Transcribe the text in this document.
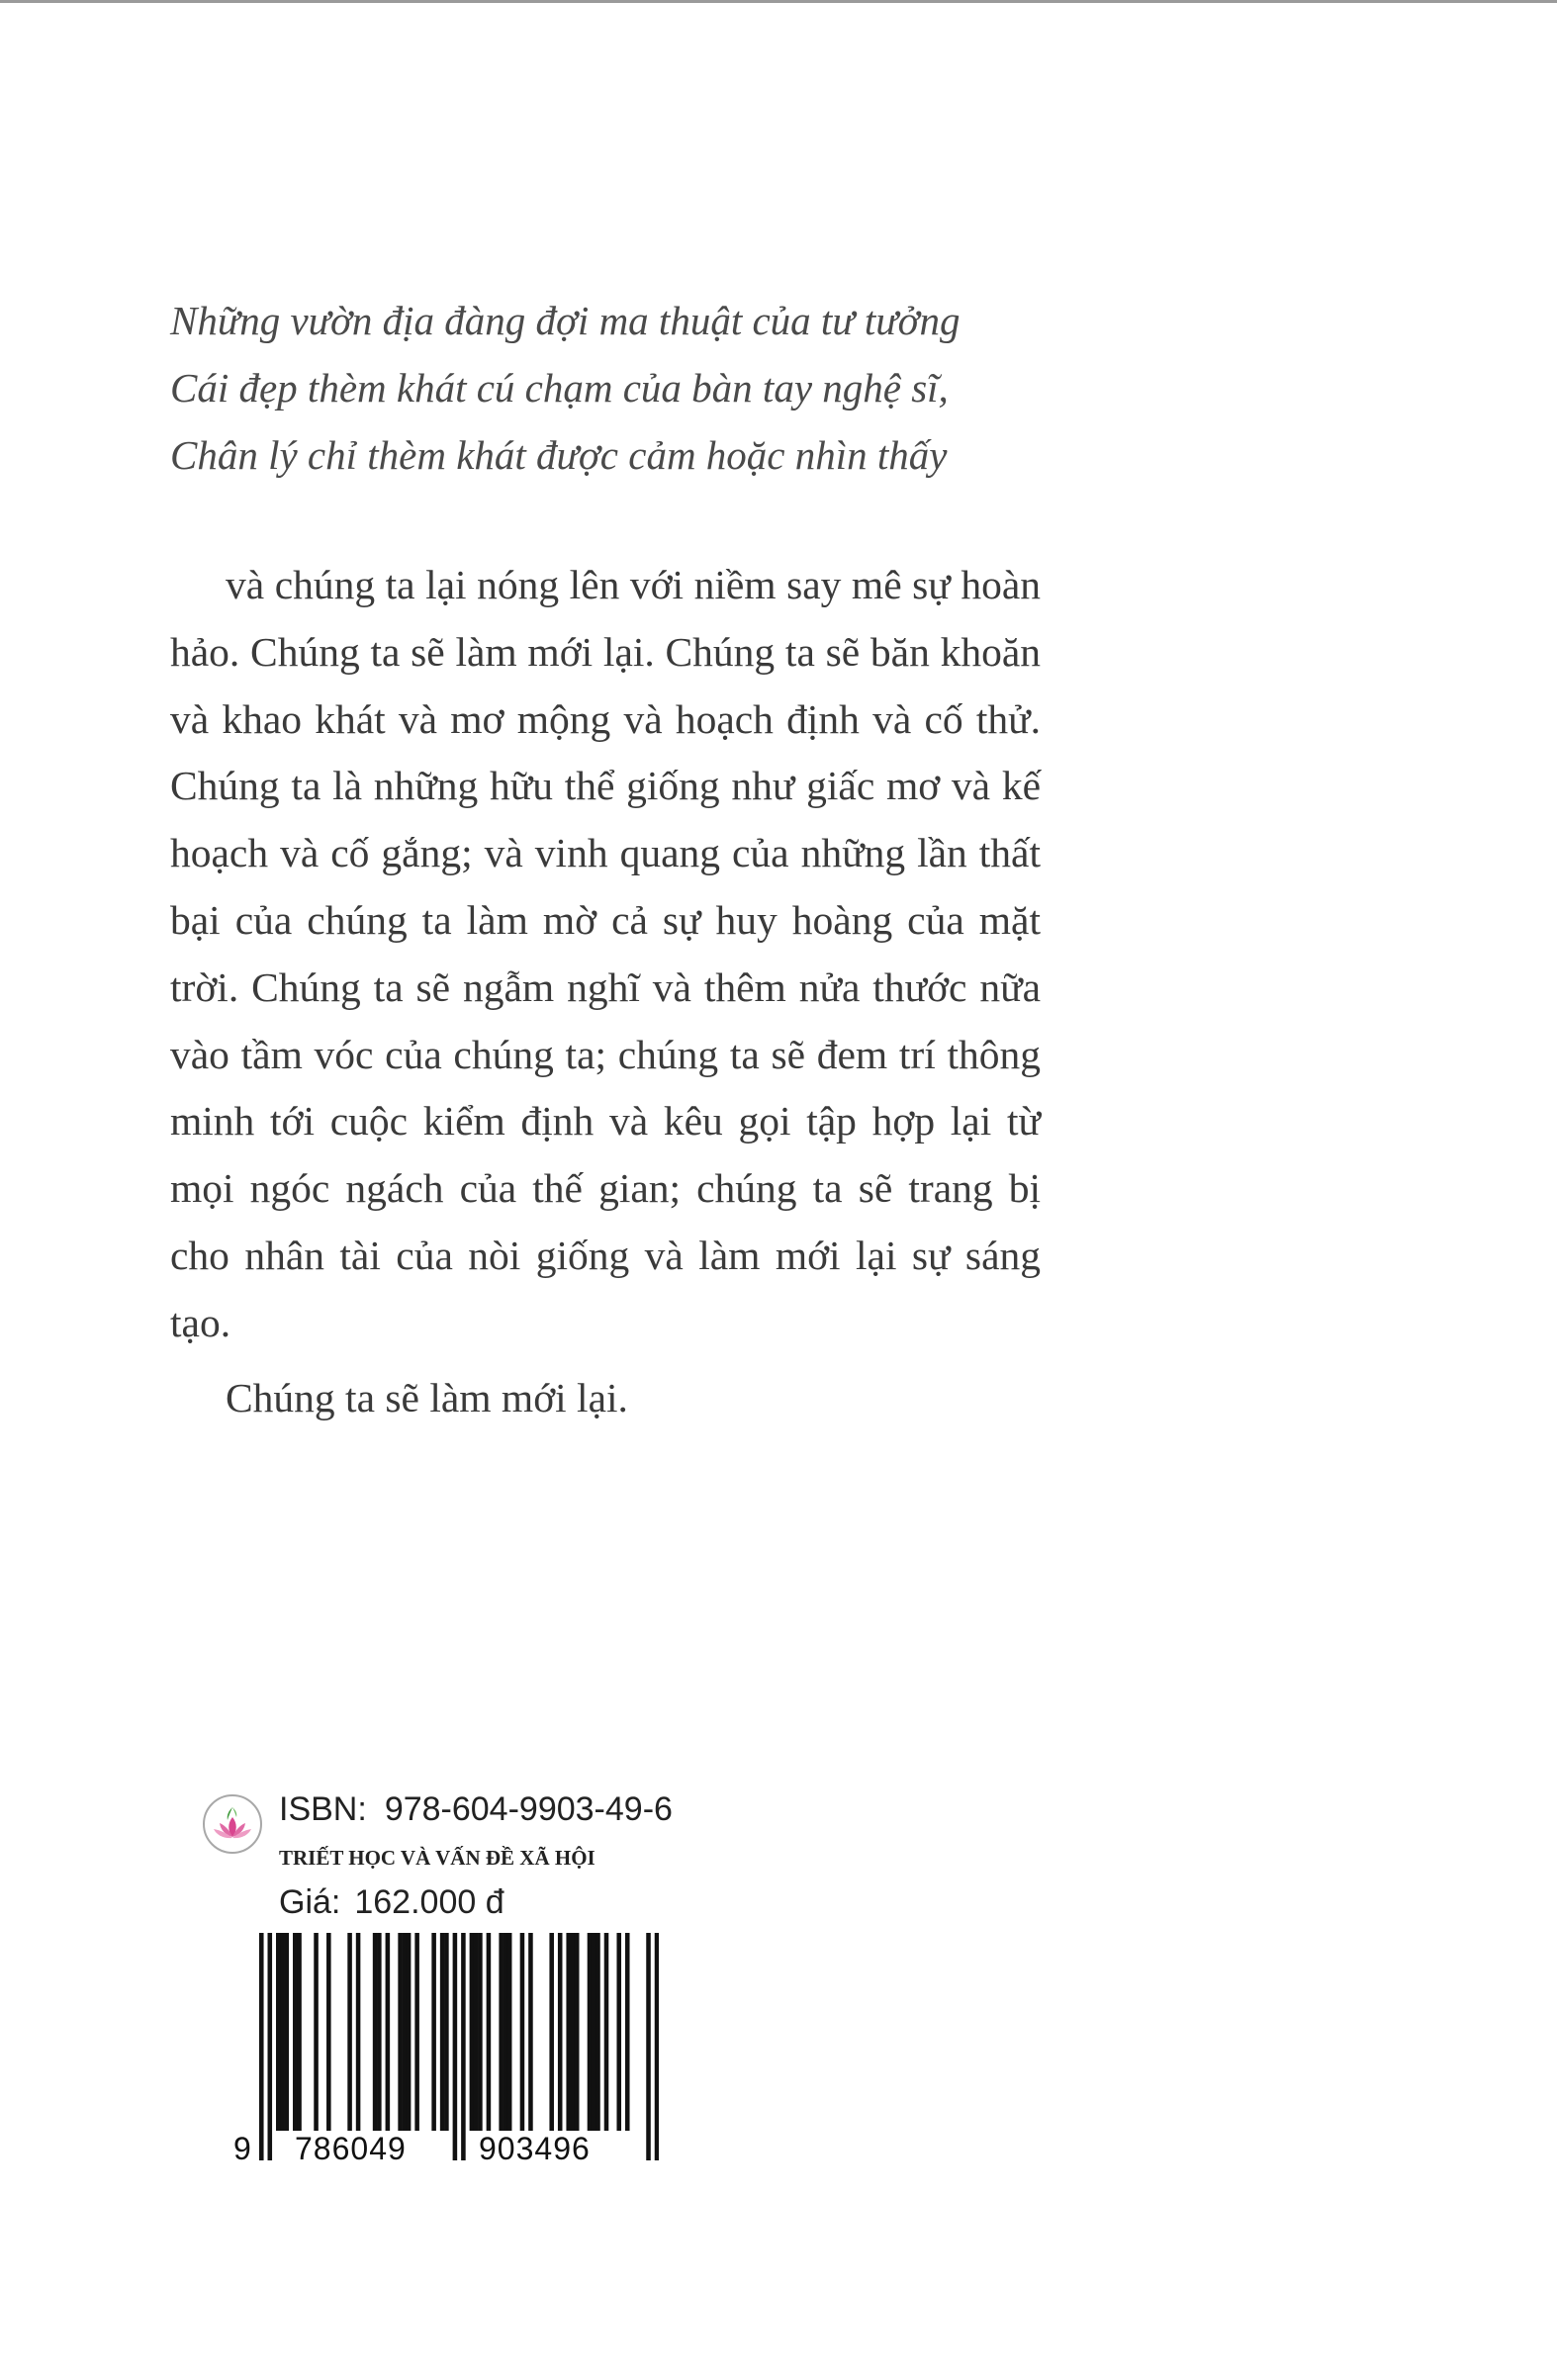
Những vườn địa đàng đợi ma thuật của tư tưởng
Cái đẹp thèm khát cú chạm của bàn tay nghệ sĩ,
Chân lý chỉ thèm khát được cảm hoặc nhìn thấy

và chúng ta lại nóng lên với niềm say mê sự hoàn hảo. Chúng ta sẽ làm mới lại. Chúng ta sẽ băn khoăn và khao khát và mơ mộng và hoạch định và cố thử. Chúng ta là những hữu thể giống như giấc mơ và kế hoạch và cố gắng; và vinh quang của những lần thất bại của chúng ta làm mờ cả sự huy hoàng của mặt trời. Chúng ta sẽ ngẫm nghĩ và thêm nửa thước nữa vào tầm vóc của chúng ta; chúng ta sẽ đem trí thông minh tới cuộc kiểm định và kêu gọi tập hợp lại từ mọi ngóc ngách của thế gian; chúng ta sẽ trang bị cho nhân tài của nòi giống và làm mới lại sự sáng tạo.

Chúng ta sẽ làm mới lại.

ISBN: 978-604-9903-49-6
TRIẾT HỌC VÀ VẤN ĐỀ XÃ HỘI
Giá: 162.000 đ
9 786049 903496
